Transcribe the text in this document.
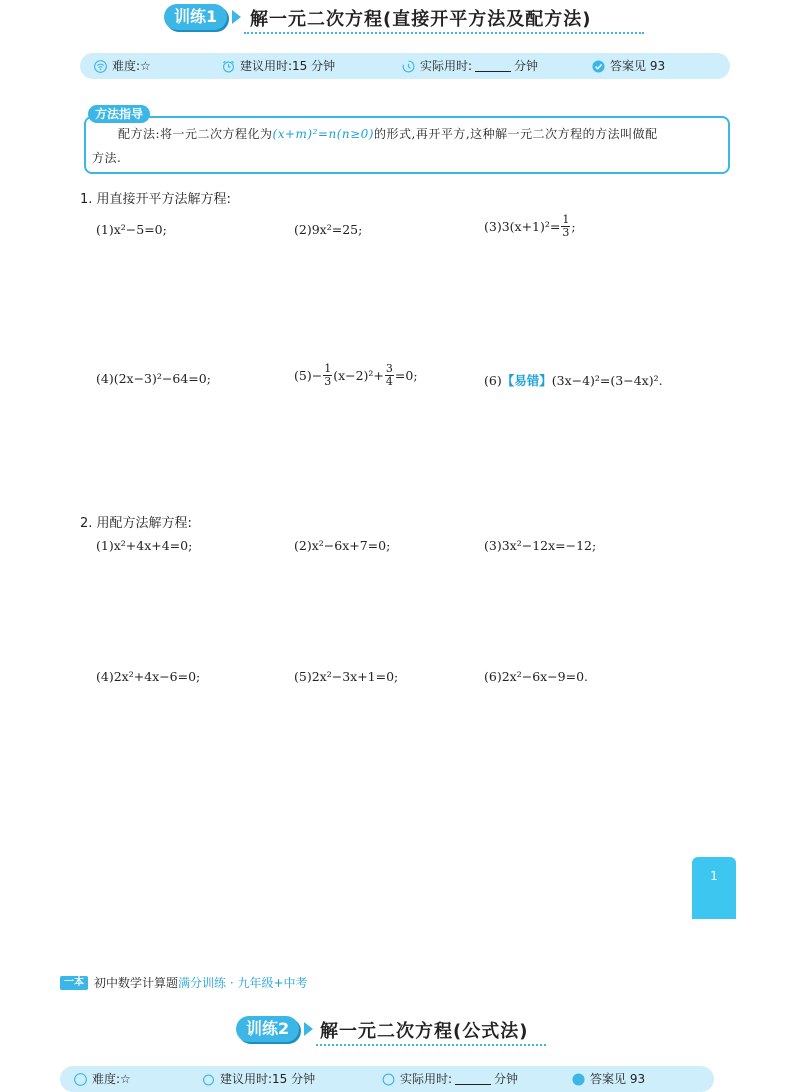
训练1	解一元二次方程(直接开平方法及配方法)
难度:☆	建议用时:15 分钟	实际用时:	分钟	答案见 93
方法指导
配方法:将一元二次方程化为(x+m)²=n(n≥0)的形式,再开平方,这种解一元二次方程的方法叫做配
方法.
1. 用直接开平方法解方程:
(1)x²−5=0;	(2)9x²=25;	$(3)3(x+1)^2= \frac{1}{3}$ ;
(4)(2x−3)²−64=0;	$(5)- \frac{1}{3} (x-2)^2+ \frac{3}{4} =0$;	(6) 【易错】 (3x−4)²=(3−4x)².
2. 用配方法解方程:
(1)x²+4x+4=0;	(2)x²−6x+7=0;	(3)3x²−12x=−12;
(4)2x²+4x−6=0;	(5)2x²−3x+1=0;	(6)2x²−6x−9=0.
1
一本 初中数学计算题 满分训练 · 九年级+中考
训练2	解一元二次方程(公式法)
难度:☆	建议用时:15 分钟	实际用时:	分钟	答案见 93
